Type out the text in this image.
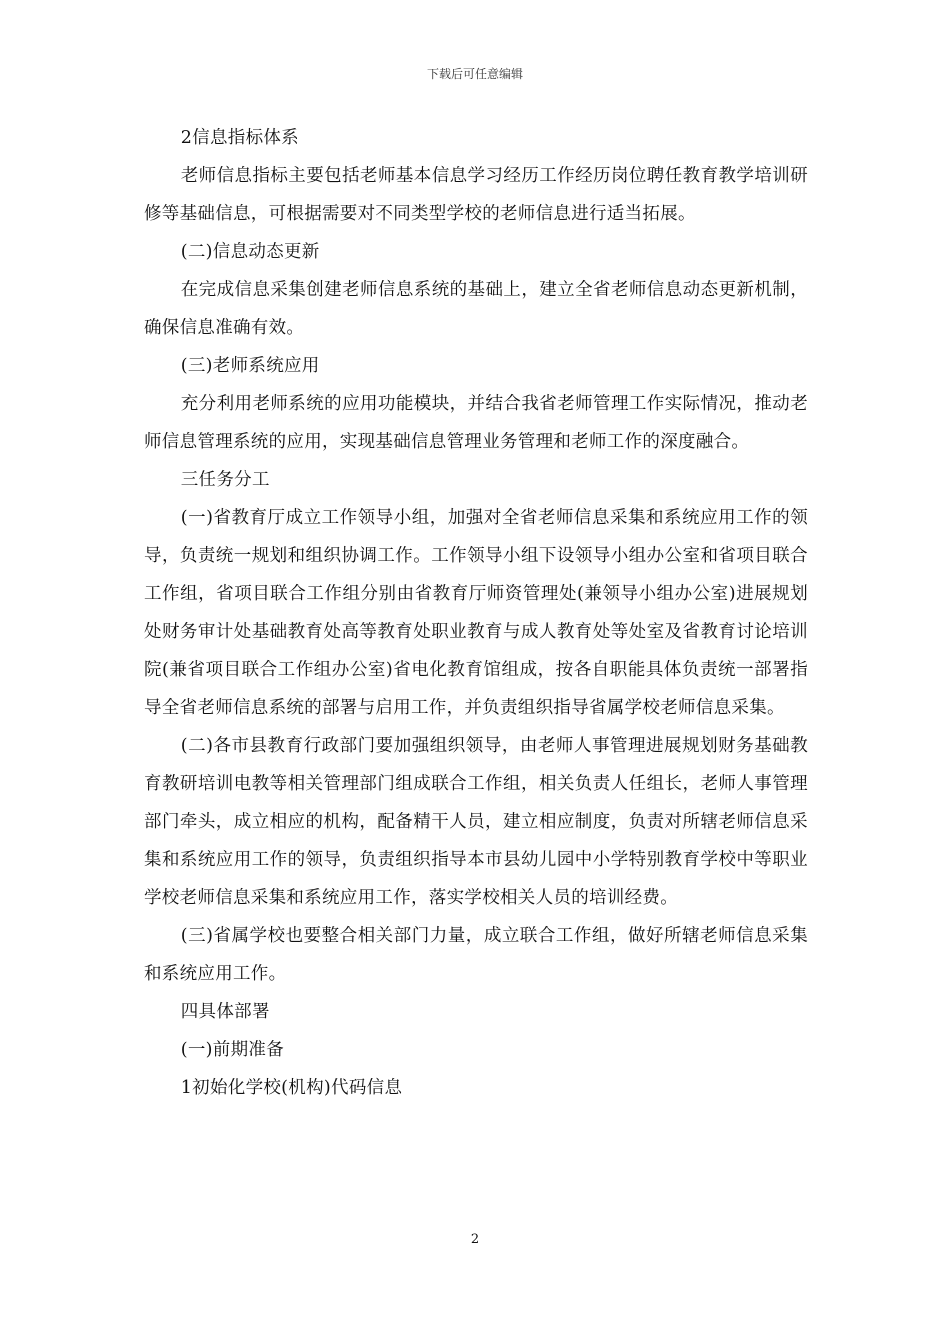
下载后可任意编辑

2信息指标体系

老师信息指标主要包括老师基本信息学习经历工作经历岗位聘任教育教学培训研修等基础信息，可根据需要对不同类型学校的老师信息进行适当拓展。

(二)信息动态更新

在完成信息采集创建老师信息系统的基础上，建立全省老师信息动态更新机制，确保信息准确有效。

(三)老师系统应用

充分利用老师系统的应用功能模块，并结合我省老师管理工作实际情况，推动老师信息管理系统的应用，实现基础信息管理业务管理和老师工作的深度融合。

三任务分工

(一)省教育厅成立工作领导小组，加强对全省老师信息采集和系统应用工作的领导，负责统一规划和组织协调工作。工作领导小组下设领导小组办公室和省项目联合工作组，省项目联合工作组分别由省教育厅师资管理处(兼领导小组办公室)进展规划处财务审计处基础教育处高等教育处职业教育与成人教育处等处室及省教育讨论培训院(兼省项目联合工作组办公室)省电化教育馆组成，按各自职能具体负责统一部署指导全省老师信息系统的部署与启用工作，并负责组织指导省属学校老师信息采集。

(二)各市县教育行政部门要加强组织领导，由老师人事管理进展规划财务基础教育教研培训电教等相关管理部门组成联合工作组，相关负责人任组长，老师人事管理部门牵头，成立相应的机构，配备精干人员，建立相应制度，负责对所辖老师信息采集和系统应用工作的领导，负责组织指导本市县幼儿园中小学特别教育学校中等职业学校老师信息采集和系统应用工作，落实学校相关人员的培训经费。

(三)省属学校也要整合相关部门力量，成立联合工作组，做好所辖老师信息采集和系统应用工作。

四具体部署

(一)前期准备

1初始化学校(机构)代码信息

2
